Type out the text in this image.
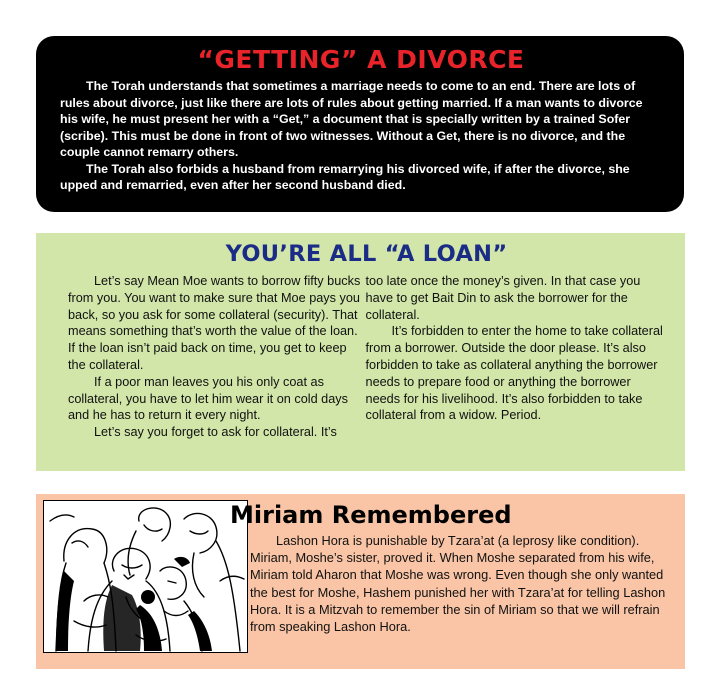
“GETTING” A DIVORCE

The Torah understands that sometimes a marriage needs to come to an end. There are lots of rules about divorce, just like there are lots of rules about getting married. If a man wants to divorce his wife, he must present her with a “Get,” a document that is specially written by a trained Sofer (scribe). This must be done in front of two witnesses. Without a Get, there is no divorce, and the couple cannot remarry others.

The Torah also forbids a husband from remarrying his divorced wife, if after the divorce, she upped and remarried, even after her second husband died.

YOU’RE ALL “A LOAN”

Let’s say Mean Moe wants to borrow fifty bucks from you. You want to make sure that Moe pays you back, so you ask for some collateral (security). That means something that’s worth the value of the loan. If the loan isn’t paid back on time, you get to keep the collateral.

If a poor man leaves you his only coat as collateral, you have to let him wear it on cold days and he has to return it every night.

Let’s say you forget to ask for collateral. It’s

too late once the money’s given. In that case you have to get Bait Din to ask the borrower for the collateral.

It’s forbidden to enter the home to take collateral from a borrower. Outside the door please. It’s also forbidden to take as collateral anything the borrower needs to prepare food or anything the borrower needs for his livelihood. It’s also forbidden to take collateral from a widow. Period.

Miriam Remembered

Lashon Hora is punishable by Tzara’at (a leprosy like condition). Miriam, Moshe’s sister, proved it. When Moshe separated from his wife, Miriam told Aharon that Moshe was wrong. Even though she only wanted the best for Moshe, Hashem punished her with Tzara’at for telling Lashon Hora. It is a Mitzvah to remember the sin of Miriam so that we will refrain from speaking Lashon Hora.
